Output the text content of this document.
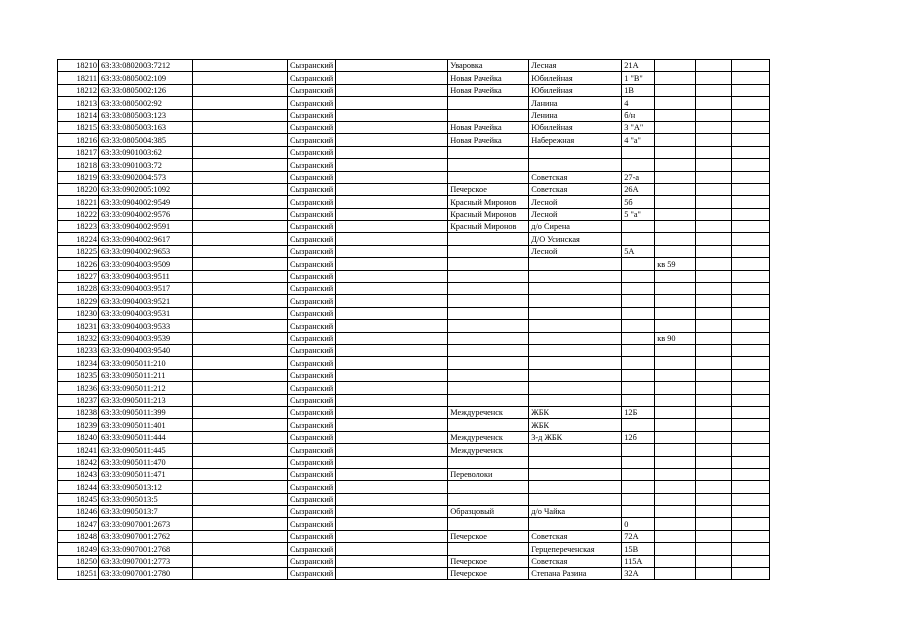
18210	63:33:0802003:7212		Сызранский		Уваровка	Лесная	21А			
18211	63:33:0805002:109		Сызранский		Новая Рачейка	Юбилейная	1 "В"			
18212	63:33:0805002:126		Сызранский		Новая Рачейка	Юбилейная	1В			
18213	63:33:0805002:92		Сызранский			Ланина	4			
18214	63:33:0805003:123		Сызранский			Ленина	б/н			
18215	63:33:0805003:163		Сызранский		Новая Рачейка	Юбилейная	3 "А"			
18216	63:33:0805004:385		Сызранский		Новая Рачейка	Набережная	4 "а"			
18217	63:33:0901003:62		Сызранский							
18218	63:33:0901003:72		Сызранский							
18219	63:33:0902004:573		Сызранский			Советская	27-а			
18220	63:33:0902005:1092		Сызранский		Печерское	Советская	26А			
18221	63:33:0904002:9549		Сызранский		Красный Миронов	Лесной	5б			
18222	63:33:0904002:9576		Сызранский		Красный Миронов	Лесной	5 "а"			
18223	63:33:0904002:9591		Сызранский		Красный Миронов	д/о Сирена				
18224	63:33:0904002:9617		Сызранский			Д/О Усинская				
18225	63:33:0904002:9653		Сызранский			Лесной	5А			
18226	63:33:0904003:9509		Сызранский					кв 59		
18227	63:33:0904003:9511		Сызранский							
18228	63:33:0904003:9517		Сызранский							
18229	63:33:0904003:9521		Сызранский							
18230	63:33:0904003:9531		Сызранский							
18231	63:33:0904003:9533		Сызранский							
18232	63:33:0904003:9539		Сызранский					кв 90		
18233	63:33:0904003:9540		Сызранский							
18234	63:33:0905011:210		Сызранский							
18235	63:33:0905011:211		Сызранский							
18236	63:33:0905011:212		Сызранский							
18237	63:33:0905011:213		Сызранский							
18238	63:33:0905011:399		Сызранский		Междуреченск	ЖБК	12Б			
18239	63:33:0905011:401		Сызранский			ЖБК				
18240	63:33:0905011:444		Сызранский		Междуреченск	3-д ЖБК	12б			
18241	63:33:0905011:445		Сызранский		Междуреченск					
18242	63:33:0905011:470		Сызранский							
18243	63:33:0905011:471		Сызранский		Переволоки					
18244	63:33:0905013:12		Сызранский							
18245	63:33:0905013:5		Сызранский							
18246	63:33:0905013:7		Сызранский		Образцовый	д/о Чайка				
18247	63:33:0907001:2673		Сызранский				0			
18248	63:33:0907001:2762		Сызранский		Печерское	Советская	72А			
18249	63:33:0907001:2768		Сызранский			Герцепереченская	15В			
18250	63:33:0907001:2773		Сызранский		Печерское	Советская	115А			
18251	63:33:0907001:2780		Сызранский		Печерское	Степана Разина	32А			
